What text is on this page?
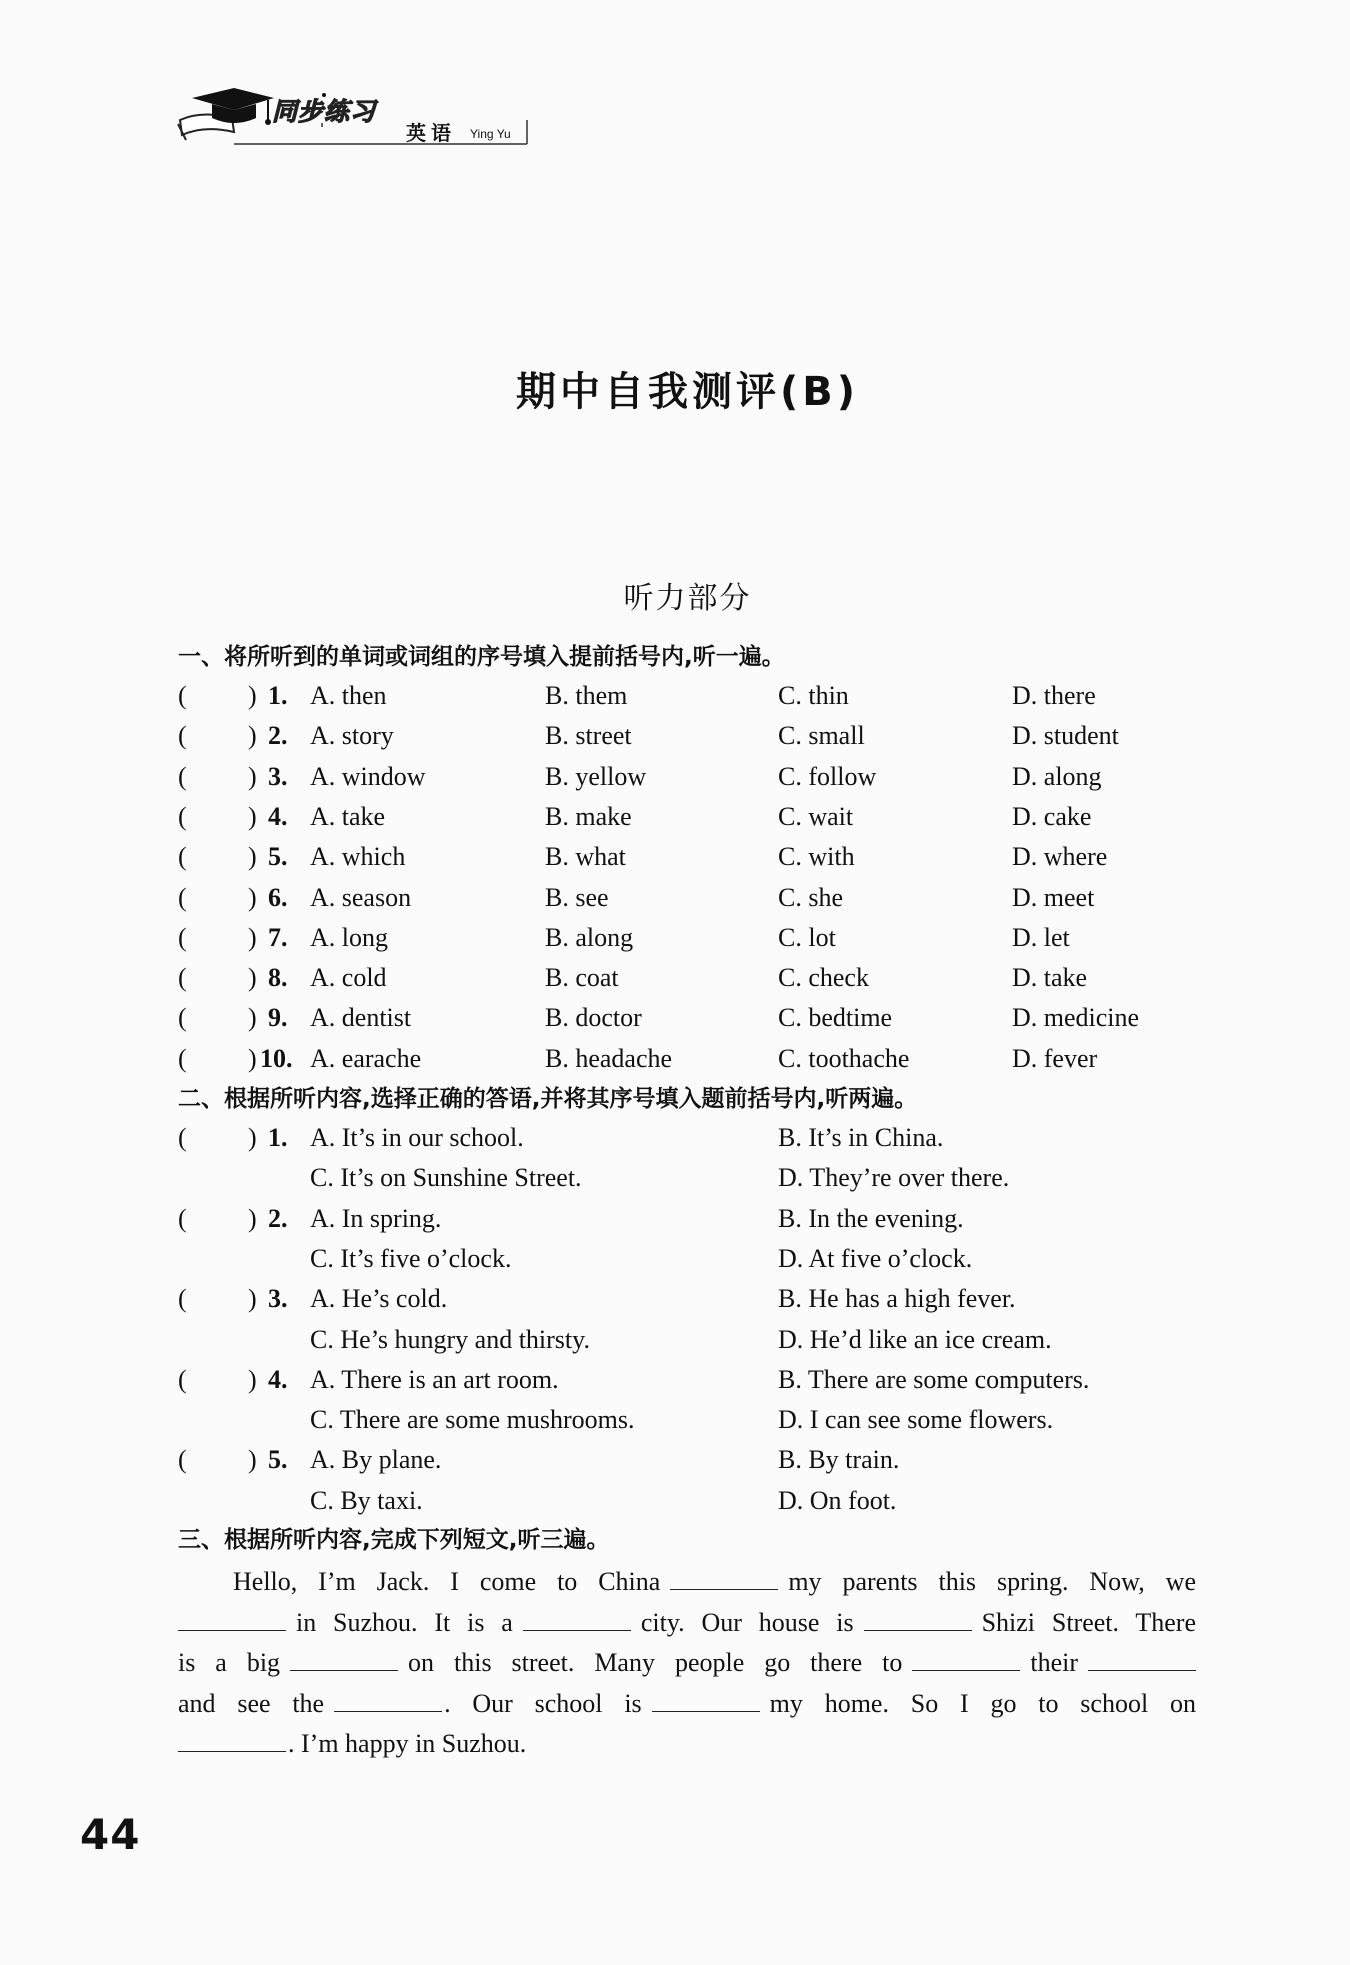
同步练习
英语 Ying Yu
期中自我测评(B)
听力部分
一、将所听到的单词或词组的序号填入提前括号内,听一遍。
( ) 1. A. then	B. them	C. thin	D. there
( ) 2. A. story	B. street	C. small	D. student
( ) 3. A. window	B. yellow	C. follow	D. along
( ) 4. A. take	B. make	C. wait	D. cake
( ) 5. A. which	B. what	C. with	D. where
( ) 6. A. season	B. see	C. she	D. meet
( ) 7. A. long	B. along	C. lot	D. let
( ) 8. A. cold	B. coat	C. check	D. take
( ) 9. A. dentist	B. doctor	C. bedtime	D. medicine
( ) 10. A. earache	B. headache	C. toothache	D. fever
二、根据所听内容,选择正确的答语,并将其序号填入题前括号内,听两遍。
( ) 1. A. It’s in our school.	B. It’s in China.
C. It’s on Sunshine Street.	D. They’re over there.
( ) 2. A. In spring.	B. In the evening.
C. It’s five o’clock.	D. At five o’clock.
( ) 3. A. He’s cold.	B. He has a high fever.
C. He’s hungry and thirsty.	D. He’d like an ice cream.
( ) 4. A. There is an art room.	B. There are some computers.
C. There are some mushrooms.	D. I can see some flowers.
( ) 5. A. By plane.	B. By train.
C. By taxi.	D. On foot.
三、根据所听内容,完成下列短文,听三遍。
Hello, I’m Jack. I come to China	my parents this spring. Now, we
in Suzhou. It is a	city. Our house is	Shizi Street. There
is a big	on this street. Many people go there to	their
and see the	. Our school is	my home. So I go to school on
. I’m happy in Suzhou.
44
